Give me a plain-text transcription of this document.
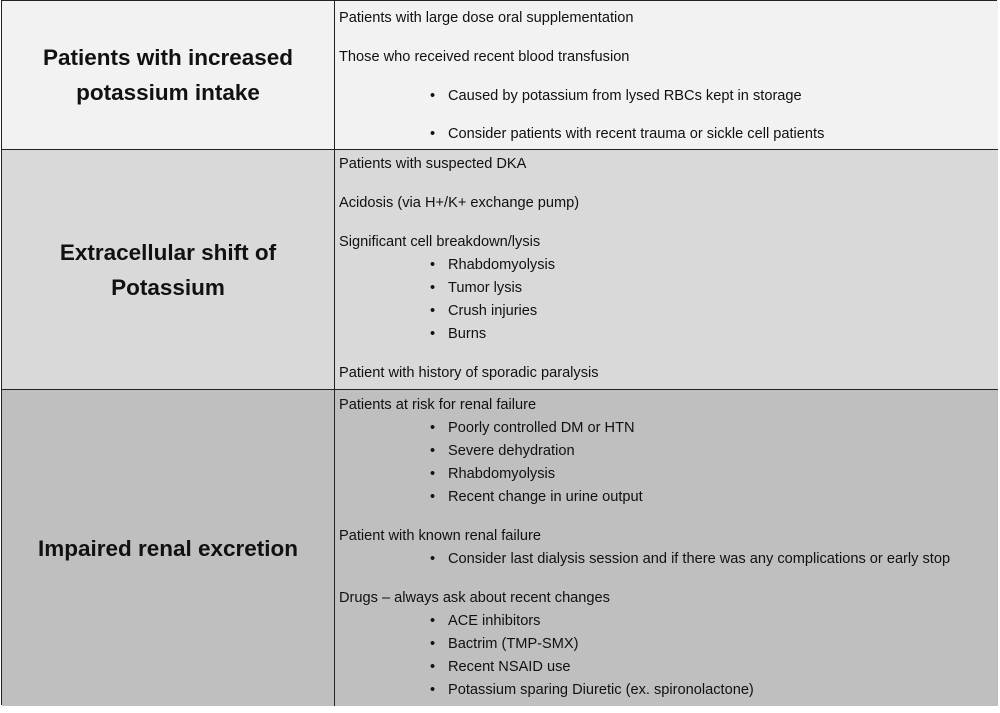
Patients with increased potassium intake
Patients with large dose oral supplementation
Those who received recent blood transfusion
• Caused by potassium from lysed RBCs kept in storage
• Consider patients with recent trauma or sickle cell patients
Extracellular shift of Potassium
Patients with suspected DKA
Acidosis (via H+/K+ exchange pump)
Significant cell breakdown/lysis
• Rhabdomyolysis
• Tumor lysis
• Crush injuries
• Burns
Patient with history of sporadic paralysis
Impaired renal excretion
Patients at risk for renal failure
• Poorly controlled DM or HTN
• Severe dehydration
• Rhabdomyolysis
• Recent change in urine output
Patient with known renal failure
• Consider last dialysis session and if there was any complications or early stop
Drugs – always ask about recent changes
• ACE inhibitors
• Bactrim (TMP-SMX)
• Recent NSAID use
• Potassium sparing Diuretic (ex. spironolactone)
